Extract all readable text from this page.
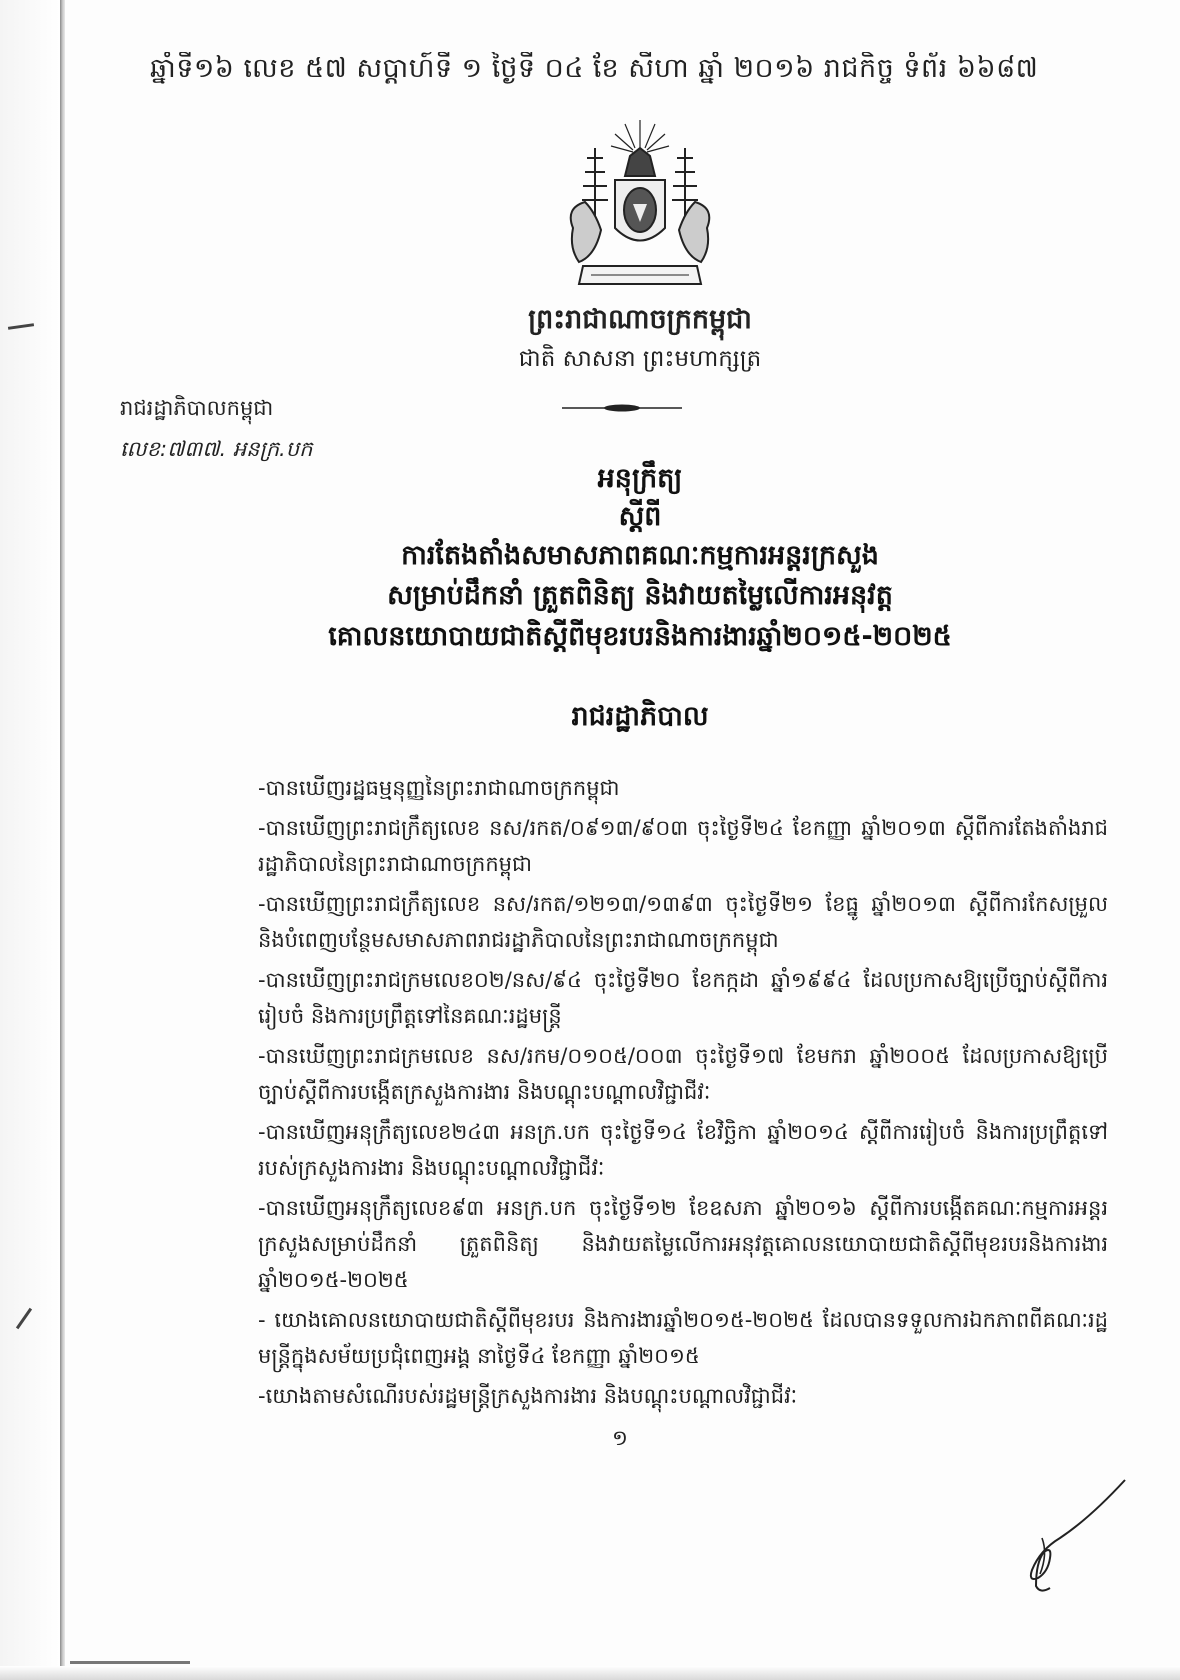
ឆ្នាំទី១៦ លេខ ៥៧ សប្តាហ៍ទី ១ ថ្ងៃទី ០៤ ខែ សីហា ឆ្នាំ ២០១៦ រាជកិច្ច ទំព័រ ៦៦៨៧
ព្រះរាជាណាចក្រកម្ពុជា
ជាតិ សាសនា ព្រះមហាក្សត្រ
រាជរដ្ឋាភិបាលកម្ពុជា
លេខ:៧៣៧. អនក្រ.បក
អនុក្រឹត្យ
ស្តីពី
ការតែងតាំងសមាសភាពគណៈកម្មការអន្តរក្រសួង
សម្រាប់ដឹកនាំ ត្រួតពិនិត្យ និងវាយតម្លៃលើការអនុវត្ត
គោលនយោបាយជាតិស្តីពីមុខរបរនិងការងារឆ្នាំ២០១៥-២០២៥
រាជរដ្ឋាភិបាល
-បានឃើញរដ្ឋធម្មនុញ្ញនៃព្រះរាជាណាចក្រកម្ពុជា
-បានឃើញព្រះរាជក្រឹត្យលេខ នស/រកត/០៩១៣/៩០៣ ចុះថ្ងៃទី២៤ ខែកញ្ញា ឆ្នាំ២០១៣ ស្តីពីការតែងតាំងរាជរដ្ឋាភិបាលនៃព្រះរាជាណាចក្រកម្ពុជា
-បានឃើញព្រះរាជក្រឹត្យលេខ នស/រកត/១២១៣/១៣៩៣ ចុះថ្ងៃទី២១ ខែធ្នូ ឆ្នាំ២០១៣ ស្តីពីការកែសម្រួល និងបំពេញបន្ថែមសមាសភាពរាជរដ្ឋាភិបាលនៃព្រះរាជាណាចក្រកម្ពុជា
-បានឃើញព្រះរាជក្រមលេខ០២/នស/៩៤ ចុះថ្ងៃទី២០ ខែកក្កដា ឆ្នាំ១៩៩៤ ដែលប្រកាសឱ្យប្រើច្បាប់ស្តីពីការរៀបចំ និងការប្រព្រឹត្តទៅនៃគណៈរដ្ឋមន្ត្រី
-បានឃើញព្រះរាជក្រមលេខ នស/រកម/០១០៥/០០៣ ចុះថ្ងៃទី១៧ ខែមករា ឆ្នាំ២០០៥ ដែលប្រកាសឱ្យប្រើច្បាប់ស្តីពីការបង្កើតក្រសួងការងារ និងបណ្តុះបណ្តាលវិជ្ជាជីវៈ
-បានឃើញអនុក្រឹត្យលេខ២៤៣ អនក្រ.បក ចុះថ្ងៃទី១៤ ខែវិច្ឆិកា ឆ្នាំ២០១៤ ស្តីពីការរៀបចំ និងការប្រព្រឹត្តទៅរបស់ក្រសួងការងារ និងបណ្តុះបណ្តាលវិជ្ជាជីវៈ
-បានឃើញអនុក្រឹត្យលេខ៩៣ អនក្រ.បក ចុះថ្ងៃទី១២ ខែឧសភា ឆ្នាំ២០១៦ ស្តីពីការបង្កើតគណៈកម្មការអន្តរក្រសួងសម្រាប់ដឹកនាំ ត្រួតពិនិត្យ និងវាយតម្លៃលើការអនុវត្តគោលនយោបាយជាតិស្តីពីមុខរបរនិងការងារឆ្នាំ២០១៥-២០២៥
- យោងគោលនយោបាយជាតិស្តីពីមុខរបរ និងការងារឆ្នាំ២០១៥-២០២៥ ដែលបានទទួលការឯកភាពពីគណៈរដ្ឋមន្ត្រីក្នុងសម័យប្រជុំពេញអង្គ នាថ្ងៃទី៤ ខែកញ្ញា ឆ្នាំ២០១៥
-យោងតាមសំណើរបស់រដ្ឋមន្ត្រីក្រសួងការងារ និងបណ្តុះបណ្តាលវិជ្ជាជីវៈ
១
